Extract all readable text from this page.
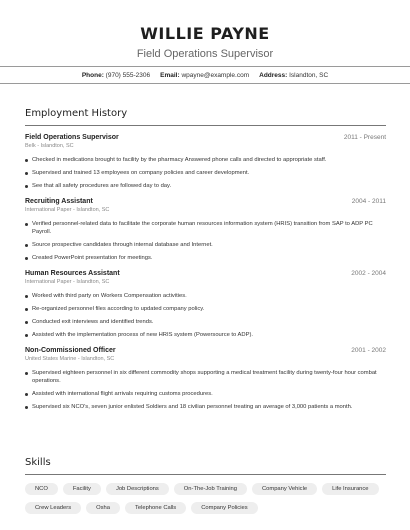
WILLIE PAYNE
Field Operations Supervisor
Phone: (970) 555-2306	Email: wpayne@example.com	Address: Islandton, SC
Employment History
Field Operations Supervisor	2011 - Present
Belk - Islandton, SC
Checked in medications brought to facility by the pharmacy Answered phone calls and directed to appropriate staff.
Supervised and trained 13 employees on company policies and career development.
See that all safety procedures are followed day to day.
Recruiting Assistant	2004 - 2011
International Paper - Islandton, SC
Verified personnel-related data to facilitate the corporate human resources information system (HRIS) transition from SAP to ADP PC Payroll.
Source prospective candidates through internal database and Internet.
Created PowerPoint presentation for meetings.
Human Resources Assistant	2002 - 2004
International Paper - Islandton, SC
Worked with third party on Workers Compensation activities.
Re-organized personnel files according to updated company policy.
Conducted exit interviews and identified trends.
Assisted with the implementation process of new HRIS system (Powersource to ADP).
Non-Commissioned Officer	2001 - 2002
United States Marine - Islandton, SC
Supervised eighteen personnel in six different commodity shops supporting a medical treatment facility during twenty-four hour combat operations.
Assisted with international flight arrivals requiring customs procedures.
Supervised six NCO's, seven junior enlisted Soldiers and 18 civilian personnel treating an average of 3,000 patients a month.
Skills
NCO	Facility	Job Descriptions	On-The-Job Training	Company Vehicle	Life Insurance
Crew Leaders	Osha	Telephone Calls	Company Policies
